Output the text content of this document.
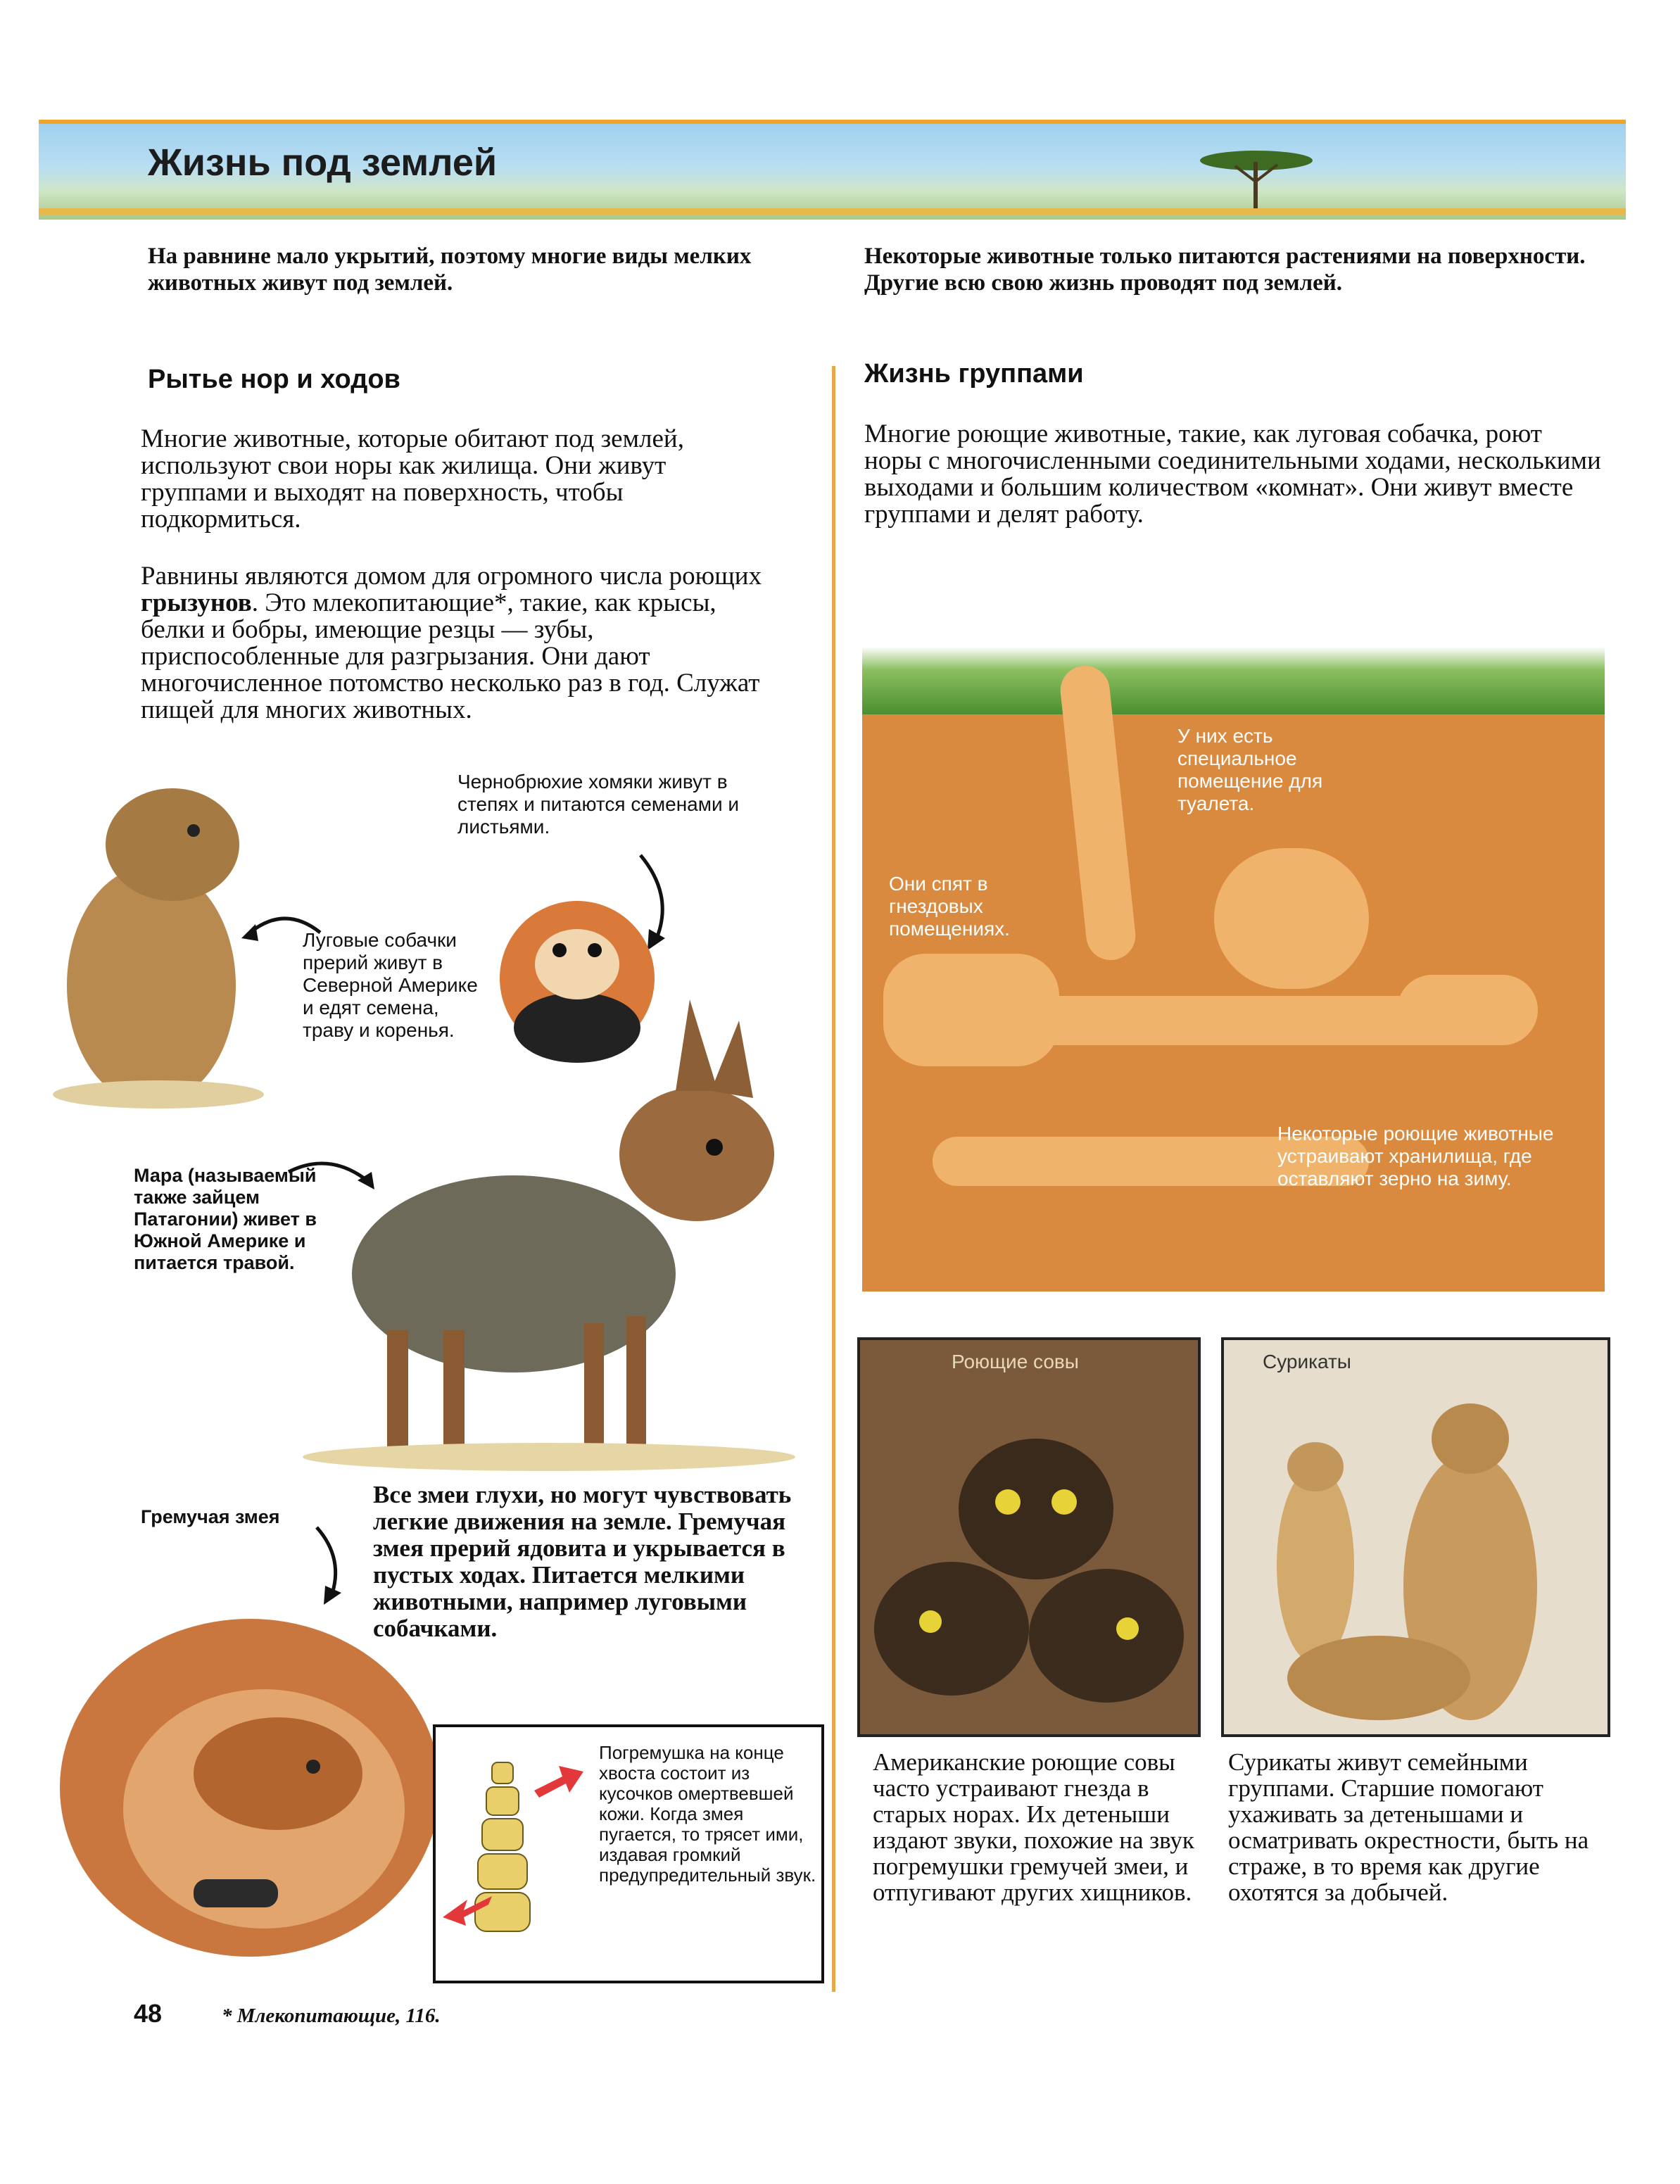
Жизнь под землей
На равнине мало укрытий, поэтому многие виды мелких животных живут под землей.
Некоторые животные только питаются растениями на поверхности. Другие всю свою жизнь проводят под землей.
Рытье нор и ходов
Многие животные, которые обитают под землей, используют свои норы как жилища. Они живут группами и выходят на поверхность, чтобы подкормиться.
Равнины являются домом для огромного числа роющих грызунов. Это млекопитающие*, такие, как крысы, белки и бобры, имеющие резцы — зубы, приспособленные для разгрызания. Они дают многочисленное потомство несколько раз в год. Служат пищей для многих животных.
Луговые собачки прерий живут в Северной Америке и едят семена, траву и коренья.
Чернобрюхие хомяки живут в степях и питаются семенами и листьями.
Мара (называемый также зайцем Патагонии) живет в Южной Америке и питается травой.
Гремучая змея
Все змеи глухи, но могут чувствовать легкие движения на земле. Гремучая змея прерий ядовита и укрывается в пустых ходах. Питается мелкими животными, например луговыми собачками.
Погремушка на конце хвоста состоит из кусочков омертвевшей кожи. Когда змея пугается, то трясет ими, издавая громкий предупредительный звук.
Жизнь группами
Многие роющие животные, такие, как луговая собачка, роют норы с многочисленными соединительными ходами, несколькими выходами и большим количеством «комнат». Они живут вместе группами и делят работу.
У них есть специальное помещение для туалета.
Они спят в гнездовых помещениях.
Некоторые роющие животные устраивают хранилища, где оставляют зерно на зиму.
Роющие совы
Американские роющие совы часто устраивают гнезда в старых норах. Их детеныши издают звуки, похожие на звук погремушки гремучей змеи, и отпугивают других хищников.
Сурикаты
Сурикаты живут семейными группами. Старшие помогают ухаживать за детенышами и осматривать окрестности, быть на страже, в то время как другие охотятся за добычей.
48	* Млекопитающие, 116.
